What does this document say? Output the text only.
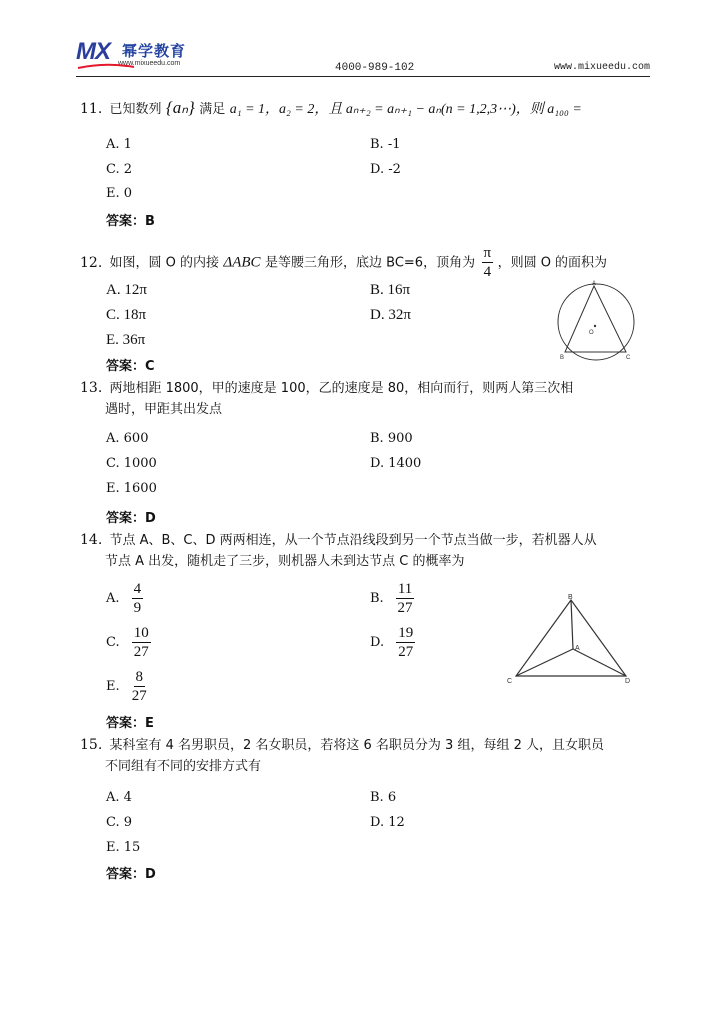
MX 幂学教育
www.mixueedu.com	4000-989-102	www.mixueedu.com
11. 已知数列 {aₙ} 满足 a₁ = 1，a₂ = 2，且 aₙ₊₂ = aₙ₊₁ − aₙ(n = 1,2,3⋯)，则 a₁₀₀ =
A. 1	B. -1
C. 2	D. -2
E. 0
答案：B
12. 如图，圆 O 的内接 ΔABC 是等腰三角形，底边 BC=6，顶角为 $\frac{\pi}{4}$ ，则圆 O 的面积为
A. 12π	B. 16π
C. 18π	D. 32π
E. 36π
答案：C
A
B	C
O
13. 两地相距 1800，甲的速度是 100，乙的速度是 80，相向而行，则两人第三次相
遇时，甲距其出发点
A. 600	B. 900
C. 1000	D. 1400
E. 1600
答案：D
14. 节点 A、B、C、D 两两相连，从一个节点沿线段到另一个节点当做一步，若机器人从
节点 A 出发，随机走了三步，则机器人未到达节点 C 的概率为
A. $\frac{4}{9}$	B. $\frac{11}{27}$
C. $\frac{10}{27}$	D. $\frac{19}{27}$
E. $\frac{8}{27}$
答案：E
B
A
C	D
15. 某科室有 4 名男职员，2 名女职员，若将这 6 名职员分为 3 组，每组 2 人，且女职员
不同组有不同的安排方式有
A. 4	B. 6
C. 9	D. 12
E. 15
答案：D
